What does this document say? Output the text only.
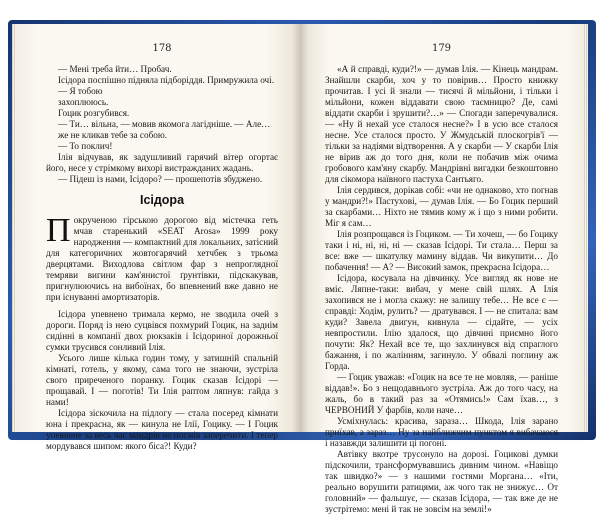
178

— Мені треба йти… Пробач.

Ісідора поспішно підняла підборіддя. Примружила очі.

— Я тобою

захоплююсь.

Гоцик розгубився.

— Ти… вільна, — мовив якомога лагідніше. — Але…

же не кликав тебе за собою.

— То поклич!

Ілія відчував, як задушливий гарячий вітер огортає його, несе у стрімкому вихорі вистражданих жадань.

— Підеш із нами, Ісідоро? — прошепотів збуджено.

Ісідора
П окрученою гірською дорогою від містечка геть мчав старенький «SEAT Arosa» 1999 року народження — компактний для локальних, затісний для категоричних жовтогарячий хетчбек з трьома дверцятами. Виходлова світлом фар з непроглядної темряви вигини кам'янистої ґрунтівки, підскакував, пригнулюючись на вибоїнах, бо впевнений вже давно не при існуванні амортизаторів.

Ісідора упевнено тримала кермо, не зводила очей з дороги. Поряд із нею суцвівся похмурий Гоцик, на заднім сидінні в компанії двох рюкзаків і Ісідориної дорожньої сумки трусився сонливий Ілія.

Усього лише кілька годин тому, у затишній спальній кімнаті, готель, у якому, сама того не знаючи, зустріла свого приреченого поранку. Гоцик сказав Ісідорі — прощавай. І — поготів! Ти Ілія раптом ляпнув: гайда з нами!

Ісідора зіскочила на підлогу — стала посеред кімнати юна і прекрасна, як — кинула не Ілії, Гоцику. — І Гоцик упевнене за весь час мандрів не посмів заперечити. І тепер мордувався шипом: якого біса?! Куди?

179

«А й справді, куди?!» — думав Ілія. — Кінець мандрам. Знайшли скарби, хоч у то повірив… Просто книжку прочитав. І усі й знали — тисячі й мільйони, і тільки і мільйони, кожен віддавати свою таємницю? Де, самі віддати скарби і зрушити?…» — Спогади заперечувалися. — «Ну й нехай усе сталося несне?» І в усю все сталося несне. Усе сталося просто. У Жмудській плоскогрів'ї — тільки за надіями відтворення. А у скарби — У скарби Ілія не вірив аж до того дня, коли не побачив між очима гробового кам'яну скарбу. Мандрівні вигадки безкоштовно для сікомора наївного пастуха Сантьяго.

Ілія сердився, дорікав собі: «чи не однаково, хто погнав у мандри?!» Пастухові, — думав Ілія. — Бо Гоцик перший за скарбами… Ніхто не тямив кому ж і що з ними робити. Міг я сам…

Ілія розпрощався із Гоциком. — Ти хочеш, — бо Гоцику таки і ні, ні, ні, ні — сказав Ісідорі. Ти стала… Перш за все: вже — шкатулку мамину віддав. Чи викупити… До побачення! — А? — Високий замок, прекрасна Ісідора…

Ісідора, косувала на дівчинку. Усе вигляд як нове не вміє. Ляпне-таки: вибач, у мене свій шлях. А Ілія захопився не і могла скажу: не залишу тебе… Не все є — справді: Ходім, рулить? — дратувався. І — не спитала: вам куди? Завела двигун, кивнула — сідайте, — усіх невпростили. Ілію здалося, що дівчині приємно його почути: Як? Нехай все те, що захлинувся від спраглого бажання, і по жалінням, загинуло. У обвалі поглину аж Горда.

— Гоцик уважав: «Гоцик на все те не мовляв, — раніше віддав!». Бо з нещодавнього зустріла. Аж до того часу, на жаль, бо в такий раз за «Отямись!» Сам їхав…, з ЧЕРВОНИЙ У фарбів, коли наче…

Усміхнулась: красива, зараза… Шкода, Ілія зарано приїхав, а зараз… Ну за найближчим пунктом я вибачаюся і назавжди залишити ці погоні.

Автівку вкотре трусонуло на дорозі. Гоцикові думки підскочили, трансформувавшись дивним чином. «Навіщо так швидко?» — з нашими гостями Моргана… «Іти, реально ворушити ратицями, аж чого так не знижує… От головний» — фальшує, — сказав Ісідора, — так вже де не зустрітемо: мені й так не зовсім на землі!»
